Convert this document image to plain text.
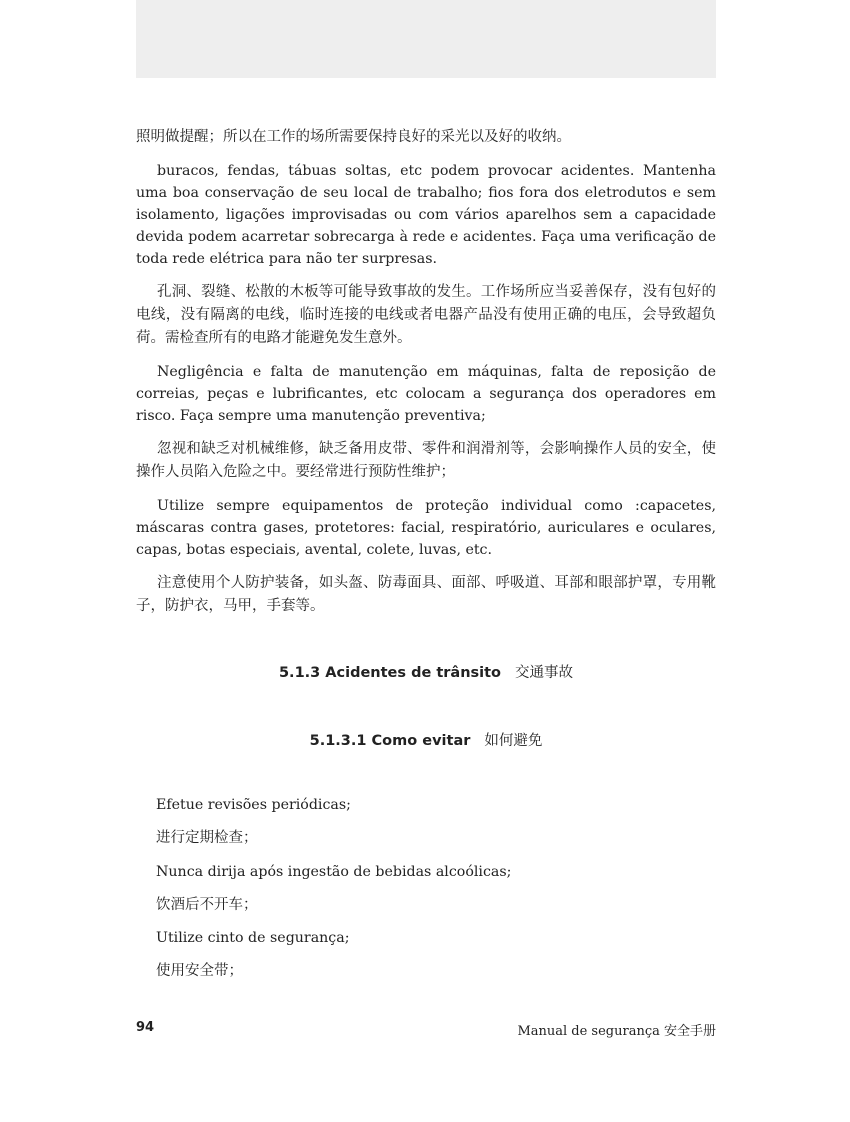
照明做提醒；所以在工作的场所需要保持良好的采光以及好的收纳。

buracos, fendas, tábuas soltas, etc podem provocar acidentes. Mantenha uma boa conservação de seu local de trabalho; fios fora dos eletrodutos e sem isolamento, ligações improvisadas ou com vários aparelhos sem a capacidade devida podem acarretar sobrecarga à rede e acidentes. Faça uma verificação de toda rede elétrica para não ter surpresas.

孔洞、裂缝、松散的木板等可能导致事故的发生。工作场所应当妥善保存，没有包好的电线，没有隔离的电线，临时连接的电线或者电器产品没有使用正确的电压，会导致超负荷。需检查所有的电路才能避免发生意外。

Negligência e falta de manutenção em máquinas, falta de reposição de correias, peças e lubrificantes, etc colocam a segurança dos operadores em risco. Faça sempre uma manutenção preventiva;

忽视和缺乏对机械维修，缺乏备用皮带、零件和润滑剂等，会影响操作人员的安全，使操作人员陷入危险之中。要经常进行预防性维护；

Utilize sempre equipamentos de proteção individual como :capacetes, máscaras contra gases, protetores: facial, respiratório, auriculares e oculares, capas, botas especiais, avental, colete, luvas, etc.

注意使用个人防护装备，如头盔、防毒面具、面部、呼吸道、耳部和眼部护罩，专用靴子，防护衣，马甲，手套等。

5.1.3 Acidentes de trânsito 交通事故

5.1.3.1 Como evitar 如何避免

Efetue revisões periódicas;
进行定期检查；
Nunca dirija após ingestão de bebidas alcoólicas;
饮酒后不开车；
Utilize cinto de segurança;
使用安全带；
94	Manual de segurança 安全手册
